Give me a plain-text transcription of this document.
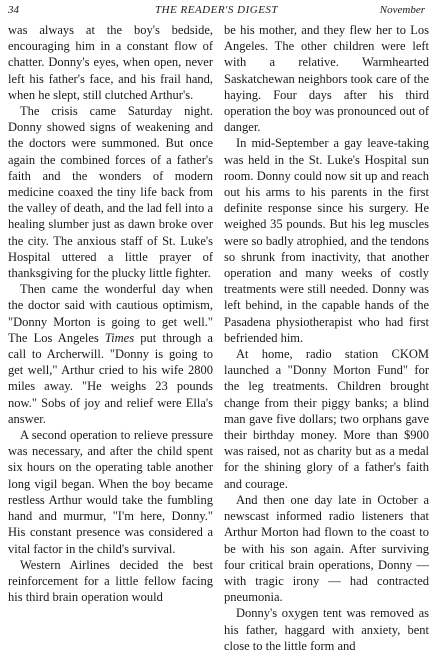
34	THE READER'S DIGEST	November

was always at the boy's bedside, encouraging him in a constant flow of chatter. Donny's eyes, when open, never left his father's face, and his frail hand, when he slept, still clutched Arthur's.

The crisis came Saturday night. Donny showed signs of weakening and the doctors were summoned. But once again the combined forces of a father's faith and the wonders of modern medicine coaxed the tiny life back from the valley of death, and the lad fell into a healing slumber just as dawn broke over the city. The anxious staff of St. Luke's Hospital uttered a little prayer of thanksgiving for the plucky little fighter.

Then came the wonderful day when the doctor said with cautious optimism, "Donny Morton is going to get well." The Los Angeles Times put through a call to Archerwill. "Donny is going to get well," Arthur cried to his wife 2800 miles away. "He weighs 23 pounds now." Sobs of joy and relief were Ella's answer.

A second operation to relieve pressure was necessary, and after the child spent six hours on the operating table another long vigil began. When the boy became restless Arthur would take the fumbling hand and murmur, "I'm here, Donny." His constant presence was considered a vital factor in the child's survival.

Western Airlines decided the best reinforcement for a little fellow facing his third brain operation would

be his mother, and they flew her to Los Angeles. The other children were left with a relative. Warmhearted Saskatchewan neighbors took care of the haying. Four days after his third operation the boy was pronounced out of danger.

In mid-September a gay leave-taking was held in the St. Luke's Hospital sun room. Donny could now sit up and reach out his arms to his parents in the first definite response since his surgery. He weighed 35 pounds. But his leg muscles were so badly atrophied, and the tendons so shrunk from inactivity, that another operation and many weeks of costly treatments were still needed. Donny was left behind, in the capable hands of the Pasadena physiotherapist who had first befriended him.

At home, radio station CKOM launched a "Donny Morton Fund" for the leg treatments. Children brought change from their piggy banks; a blind man gave five dollars; two orphans gave their birthday money. More than $900 was raised, not as charity but as a medal for the shining glory of a father's faith and courage.

And then one day late in October a newscast informed radio listeners that Arthur Morton had flown to the coast to be with his son again. After surviving four critical brain operations, Donny — with tragic irony — had contracted pneumonia.

Donny's oxygen tent was removed as his father, haggard with anxiety, bent close to the little form and
